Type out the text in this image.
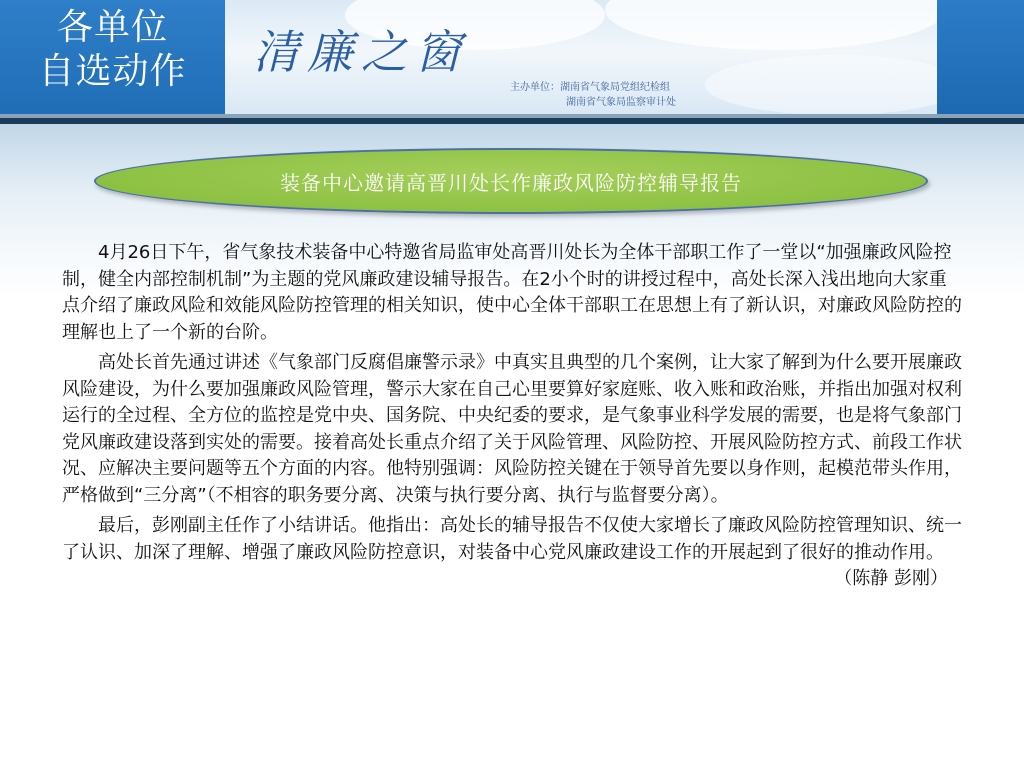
各单位
自选动作	清廉之窗
主办单位：湖南省气象局党组纪检组
湖南省气象局监察审计处
装备中心邀请高晋川处长作廉政风险防控辅导报告

4月26日下午，省气象技术装备中心特邀省局监审处高晋川处长为全体干部职工作了一堂以“加强廉政风险控制，健全内部控制机制”为主题的党风廉政建设辅导报告。在2小个时的讲授过程中，高处长深入浅出地向大家重点介绍了廉政风险和效能风险防控管理的相关知识，使中心全体干部职工在思想上有了新认识，对廉政风险防控的理解也上了一个新的台阶。

高处长首先通过讲述《气象部门反腐倡廉警示录》中真实且典型的几个案例，让大家了解到为什么要开展廉政风险建设，为什么要加强廉政风险管理，警示大家在自己心里要算好家庭账、收入账和政治账，并指出加强对权利运行的全过程、全方位的监控是党中央、国务院、中央纪委的要求，是气象事业科学发展的需要，也是将气象部门党风廉政建设落到实处的需要。接着高处长重点介绍了关于风险管理、风险防控、开展风险防控方式、前段工作状况、应解决主要问题等五个方面的内容。他特别强调：风险防控关键在于领导首先要以身作则，起模范带头作用，严格做到“三分离”（不相容的职务要分离、决策与执行要分离、执行与监督要分离）。

最后，彭刚副主任作了小结讲话。他指出：高处长的辅导报告不仅使大家增长了廉政风险防控管理知识、统一了认识、加深了理解、增强了廉政风险防控意识，对装备中心党风廉政建设工作的开展起到了很好的推动作用。
（陈静 彭刚）
